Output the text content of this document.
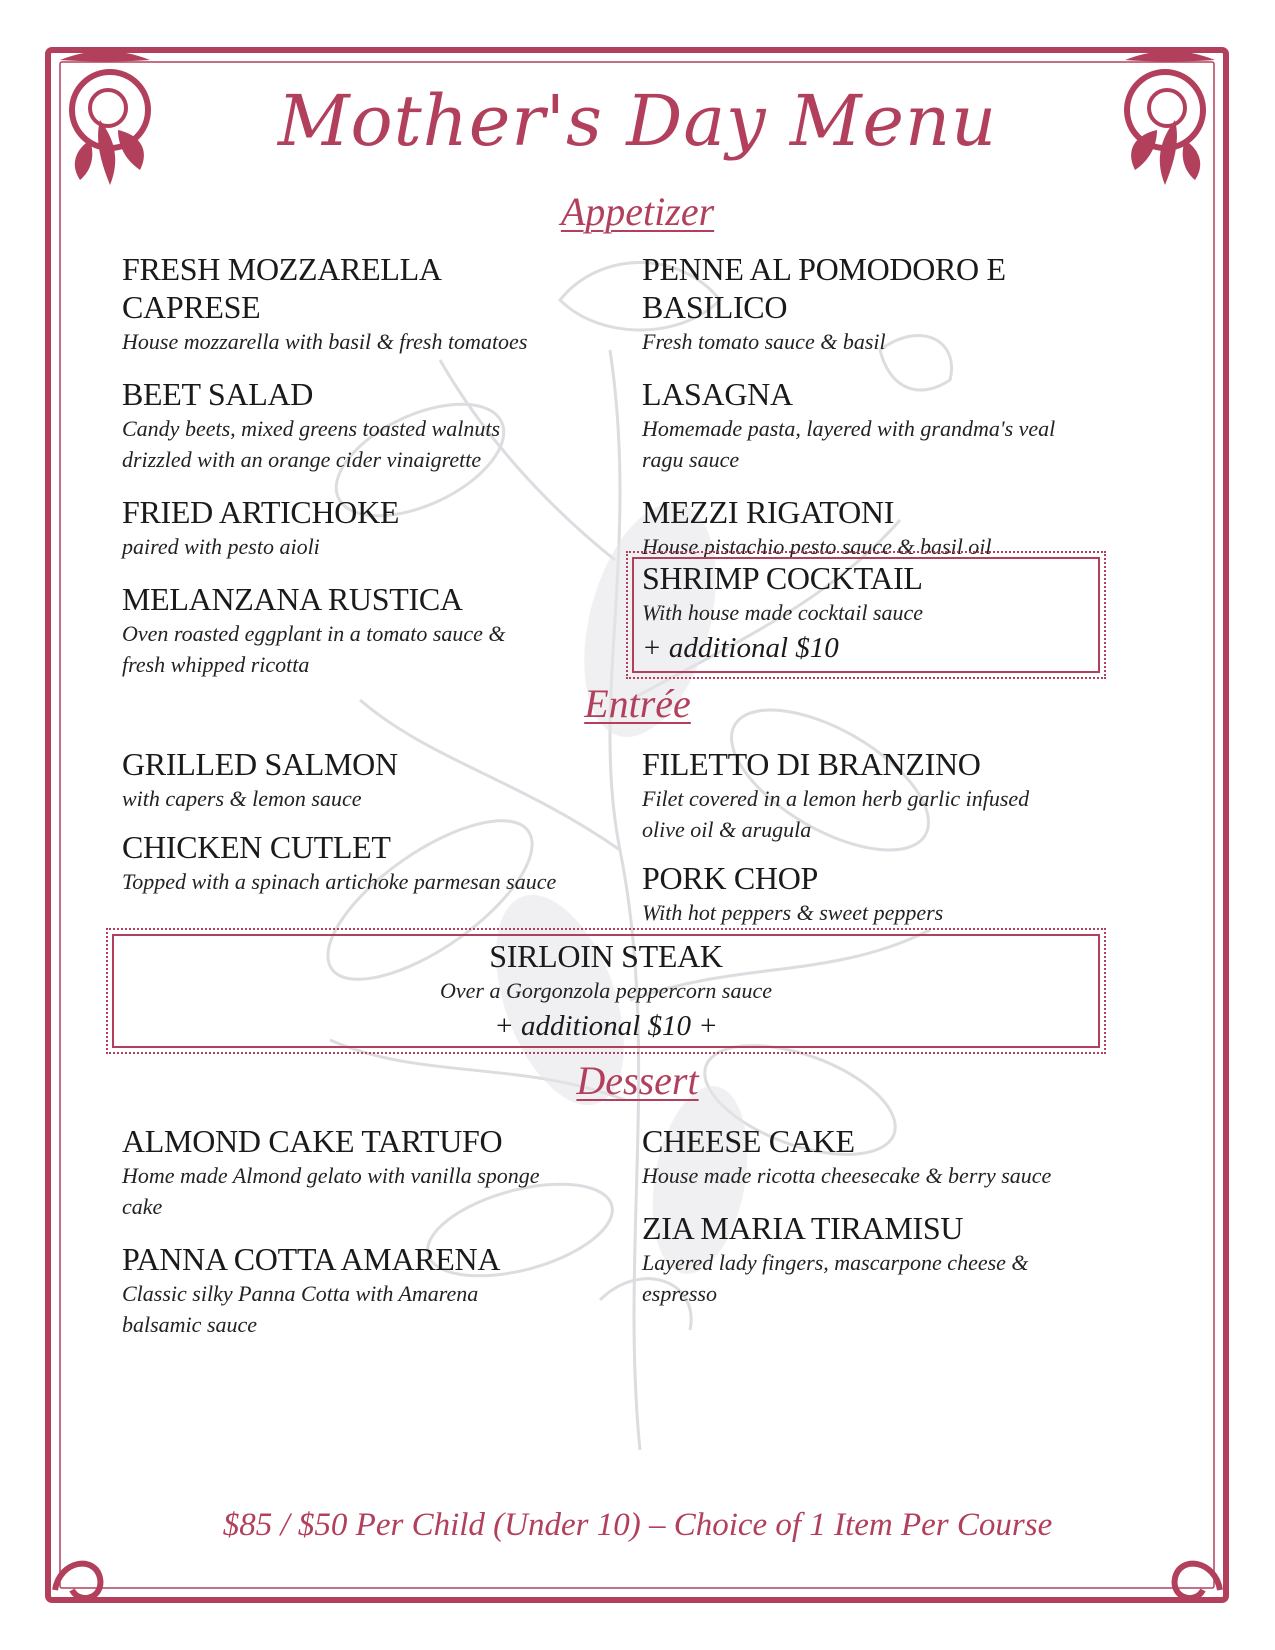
Mother's Day Menu
Appetizer
FRESH MOZZARELLA CAPRESE
House mozzarella with basil & fresh tomatoes
BEET SALAD
Candy beets, mixed greens toasted walnuts drizzled with an orange cider vinaigrette
FRIED ARTICHOKE
paired with pesto aioli
MELANZANA RUSTICA
Oven roasted eggplant in a tomato sauce & fresh whipped ricotta
PENNE AL POMODORO E BASILICO
Fresh tomato sauce & basil
LASAGNA
Homemade pasta, layered with grandma's veal ragu sauce
MEZZI RIGATONI
House pistachio pesto sauce & basil oil
SHRIMP COCKTAIL
With house made cocktail sauce
+ additional $10
Entrée
GRILLED SALMON
with capers & lemon sauce
CHICKEN CUTLET
Topped with a spinach artichoke parmesan sauce
FILETTO DI BRANZINO
Filet covered in a lemon herb garlic infused olive oil & arugula
PORK CHOP
With hot peppers & sweet peppers
SIRLOIN STEAK
Over a Gorgonzola peppercorn sauce
+ additional $10 +
Dessert
ALMOND CAKE TARTUFO
Home made Almond gelato with vanilla sponge cake
PANNA COTTA AMARENA
Classic silky Panna Cotta with Amarena balsamic sauce
CHEESE CAKE
House made ricotta cheesecake & berry sauce
ZIA MARIA TIRAMISU
Layered lady fingers, mascarpone cheese & espresso
$85 / $50 Per Child (Under 10) – Choice of 1 Item Per Course
